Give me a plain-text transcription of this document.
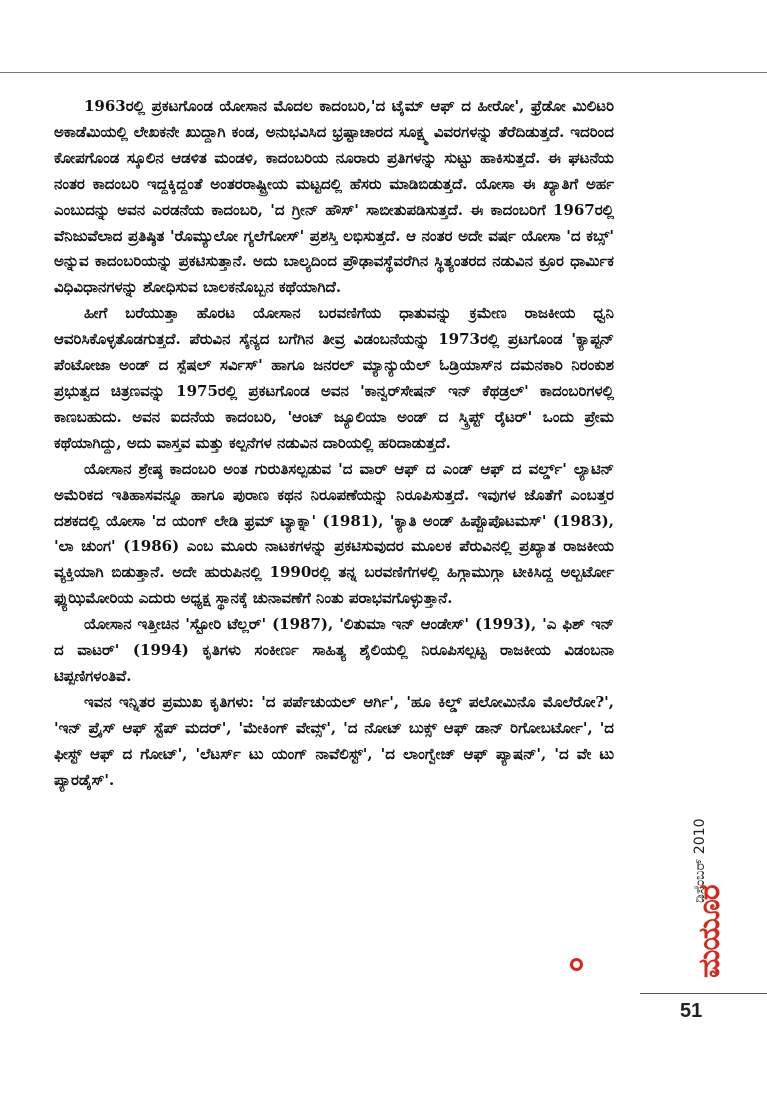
1963ರಲ್ಲಿ ಪ್ರಕಟಗೊಂಡ ಯೋಸಾನ ಮೊದಲ ಕಾದಂಬರಿ,'ದ ಟೈಮ್ ಆಫ್ ದ ಹೀರೋ', ಫ್ರೆಡೋ ಮಿಲಿಟರಿ ಅಕಾಡೆಮಿಯಲ್ಲಿ ಲೇಖಕನೇ ಖುದ್ದಾಗಿ ಕಂಡ, ಅನುಭವಿಸಿದ ಭ್ರಷ್ಟಾಚಾರದ ಸೂಕ್ಷ್ಮ ವಿವರಗಳನ್ನು ತೆರೆದಿಡುತ್ತದೆ. ಇದರಿಂದ ಕೋಪಗೊಂಡ ಸ್ಕೂಲಿನ ಆಡಳಿತ ಮಂಡಳಿ, ಕಾದಂಬರಿಯ ನೂರಾರು ಪ್ರತಿಗಳನ್ನು ಸುಟ್ಟು ಹಾಕಿಸುತ್ತದೆ. ಈ ಘಟನೆಯ ನಂತರ ಕಾದಂಬರಿ ಇದ್ದಕ್ಕಿದ್ದಂತೆ ಅಂತರರಾಷ್ಟ್ರೀಯ ಮಟ್ಟದಲ್ಲಿ ಹೆಸರು ಮಾಡಿಬಿಡುತ್ತದೆ. ಯೋಸಾ ಈ ಖ್ಯಾತಿಗೆ ಅರ್ಹ ಎಂಬುದನ್ನು ಅವನ ಎರಡನೆಯ ಕಾದಂಬರಿ, 'ದ ಗ್ರೀನ್ ಹೌಸ್' ಸಾಬೀತುಪಡಿಸುತ್ತದೆ. ಈ ಕಾದಂಬರಿಗೆ 1967ರಲ್ಲಿ ವೆನಿಜುವೆಲಾದ ಪ್ರತಿಷ್ಠಿತ 'ರೊಮ್ಯುಲೋ ಗ್ಯಲೆಗೋಸ್' ಪ್ರಶಸ್ತಿ ಲಭಿಸುತ್ತದೆ. ಆ ನಂತರ ಅದೇ ವರ್ಷ ಯೋಸಾ 'ದ ಕಬ್ಸ್' ಅನ್ನುವ ಕಾದಂಬರಿಯನ್ನು ಪ್ರಕಟಿಸುತ್ತಾನೆ. ಅದು ಬಾಲ್ಯದಿಂದ ಪ್ರೌಢಾವಸ್ಥೆವರೆಗಿನ ಸ್ಥಿತ್ಯಂತರದ ನಡುವಿನ ಕ್ರೂರ ಧಾರ್ಮಿಕ ವಿಧಿವಿಧಾನಗಳನ್ನು ಶೋಧಿಸುವ ಬಾಲಕನೊಬ್ಬನ ಕಥೆಯಾಗಿದೆ.

ಹೀಗೆ ಬರೆಯುತ್ತಾ ಹೊರಟ ಯೋಸಾನ ಬರವಣಿಗೆಯ ಧಾತುವನ್ನು ಕ್ರಮೇಣ ರಾಜಕೀಯ ಧ್ವನಿ ಆವರಿಸಿಕೊಳ್ಳತೊಡಗುತ್ತದೆ. ಪೆರುವಿನ ಸೈನ್ಯದ ಬಗೆಗಿನ ತೀವ್ರ ವಿಡಂಬನೆಯನ್ನು 1973ರಲ್ಲಿ ಪ್ರಟಗೊಂಡ 'ಕ್ಯಾಪ್ಟನ್ ಪೆಂಟೋಜಾ ಅಂಡ್ ದ ಸ್ಪೆಷಲ್ ಸರ್ವಿಸ್' ಹಾಗೂ ಜನರಲ್ ಮ್ಯಾನ್ಯುಯೆಲ್ ಓಡ್ರಿಯಾಸ್‌ನ ದಮನಕಾರಿ ನಿರಂಕುಶ ಪ್ರಭುತ್ವದ ಚಿತ್ರಣವನ್ನು 1975ರಲ್ಲಿ ಪ್ರಕಟಗೊಂಡ ಅವನ 'ಕಾನ್ವರ್‌ಸೇಷನ್ ಇನ್ ಕೆಥಡ್ರಲ್' ಕಾದಂಬರಿಗಳಲ್ಲಿ ಕಾಣಬಹುದು. ಅವನ ಐದನೆಯ ಕಾದಂಬರಿ, 'ಆಂಟ್ ಜ್ಯೂಲಿಯಾ ಅಂಡ್ ದ ಸ್ಕ್ರಿಪ್ಟ್ ರೈಟರ್' ಒಂದು ಪ್ರೇಮ ಕಥೆಯಾಗಿದ್ದು, ಅದು ವಾಸ್ತವ ಮತ್ತು ಕಲ್ಪನೆಗಳ ನಡುವಿನ ದಾರಿಯಲ್ಲಿ ಹರಿದಾಡುತ್ತದೆ.

ಯೋಸಾನ ಶ್ರೇಷ್ಠ ಕಾದಂಬರಿ ಅಂತ ಗುರುತಿಸಲ್ಪಡುವ 'ದ ವಾರ್ ಆಫ್ ದ ಎಂಡ್ ಆಫ್ ದ ವರ್ಲ್ಡ್' ಲ್ಯಾಟಿನ್ ಅಮೆರಿಕದ ಇತಿಹಾಸವನ್ನೂ ಹಾಗೂ ಪುರಾಣ ಕಥನ ನಿರೂಪಣೆಯನ್ನು ನಿರೂಪಿಸುತ್ತದೆ. ಇವುಗಳ ಜೊತೆಗೆ ಎಂಬತ್ತರ ದಶಕದಲ್ಲಿ ಯೋಸಾ 'ದ ಯಂಗ್ ಲೇಡಿ ಫ್ರಮ್ ಟ್ಯಾಕ್ನಾ' (1981), 'ಕ್ಯಾತಿ ಅಂಡ್ ಹಿಪ್ಪೊಪೊಟಮಸ್' (1983), 'ಲಾ ಚುಂಗ' (1986) ಎಂಬ ಮೂರು ನಾಟಕಗಳನ್ನು ಪ್ರಕಟಿಸುವುದರ ಮೂಲಕ ಪೆರುವಿನಲ್ಲಿ ಪ್ರಖ್ಯಾತ ರಾಜಕೀಯ ವ್ಯಕ್ತಿಯಾಗಿ ಬಿಡುತ್ತಾನೆ. ಅದೇ ಹುರುಪಿನಲ್ಲಿ 1990ರಲ್ಲಿ ತನ್ನ ಬರವಣಿಗೆಗಳಲ್ಲಿ ಹಿಗ್ಗಾಮುಗ್ಗಾ ಟೀಕಿಸಿದ್ದ ಅಲ್ಬರ್ಟೋ ಫ್ಯುಝಿಮೋರಿಯ ಎದುರು ಅಧ್ಯಕ್ಷ ಸ್ಥಾನಕ್ಕೆ ಚುನಾವಣೆಗೆ ನಿಂತು ಪರಾಭವಗೊಳ್ಳುತ್ತಾನೆ.

ಯೋಸಾನ ಇತ್ತೀಚಿನ 'ಸ್ಟೋರಿ ಟೆಲ್ಲರ್' (1987), 'ಲಿತುಮಾ ಇನ್ ಆಂಡೇಸ್' (1993), 'ಎ ಫಿಶ್ ಇನ್ ದ ವಾಟರ್' (1994) ಕೃತಿಗಳು ಸಂಕೀರ್ಣ ಸಾಹಿತ್ಯ ಶೈಲಿಯಲ್ಲಿ ನಿರೂಪಿಸಲ್ಪಟ್ಟ ರಾಜಕೀಯ ವಿಡಂಬನಾ ಟಿಪ್ಪಣಿಗಳಂತಿವೆ.

ಇವನ ಇನ್ನಿತರ ಪ್ರಮುಖ ಕೃತಿಗಳು: 'ದ ಪರ್ಪೆಚುಯಲ್ ಆರ್ಗಿ', 'ಹೂ ಕಿಲ್ಡ್ ಪಲೋಮಿನೊ ಮೊಲೆರೋ?', 'ಇನ್ ಪ್ರೈಸ್ ಆಫ್ ಸ್ಟೆಪ್ ಮದರ್', 'ಮೇಕಿಂಗ್ ವೇವ್ಸ್', 'ದ ನೋಟ್ ಬುಕ್ಸ್ ಆಫ್ ಡಾನ್ ರಿಗೋಬರ್ಟೋ', 'ದ ಫೀಸ್ಟ್ ಆಫ್ ದ ಗೋಟ್', 'ಲೆಟರ್ಸ್ ಟು ಯಂಗ್ ನಾವೆಲಿಸ್ಟ್', 'ದ ಲಾಂಗ್ವೇಜ್ ಆಫ್ ಪ್ಯಾಷನ್', 'ದ ವೇ ಟು ಪ್ಯಾರಡೈಸ್'.

ಡಿಸೆಂಬರ್ 2010
ಮಯೂರ
51
